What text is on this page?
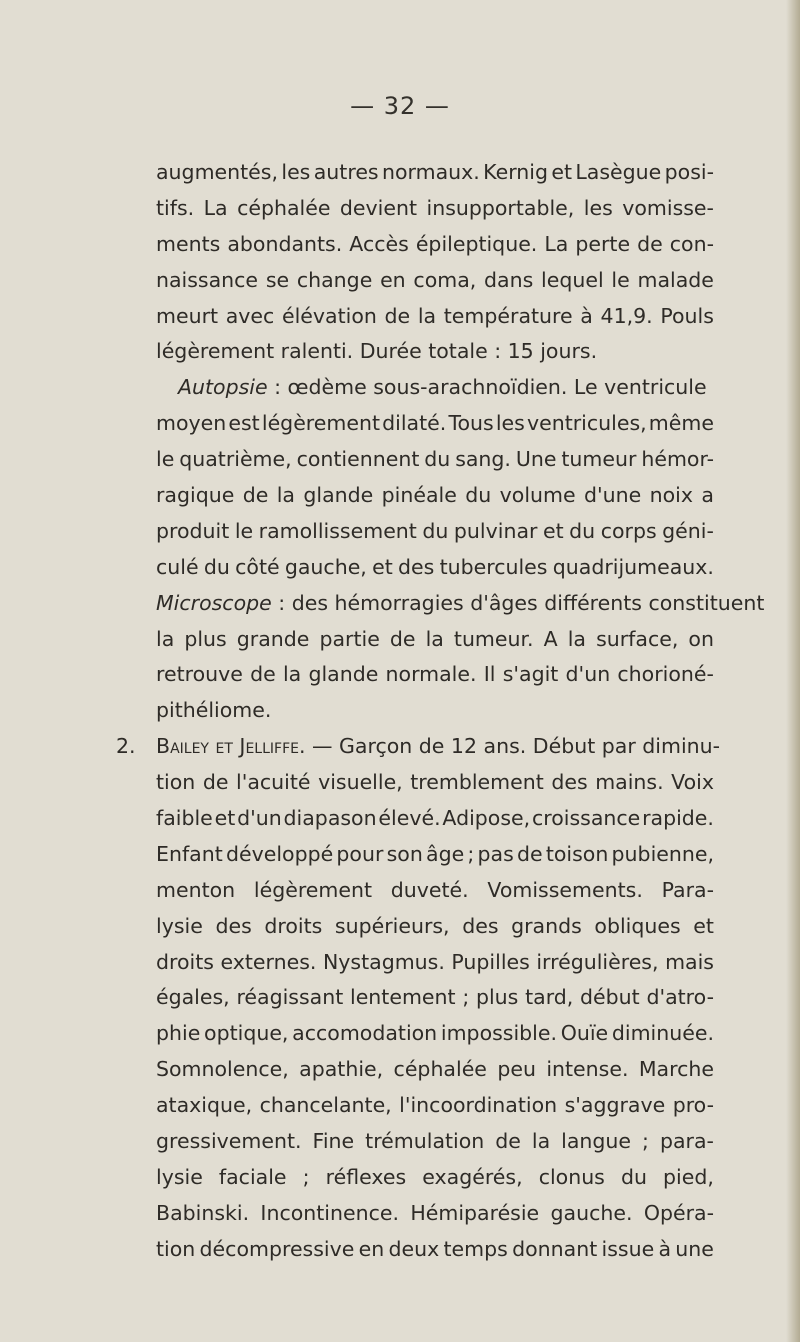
— 32 —
augmentés, les autres normaux. Kernig et Lasègue posi-
tifs. La céphalée devient insupportable, les vomisse-
ments abondants. Accès épileptique. La perte de con-
naissance se change en coma, dans lequel le malade
meurt avec élévation de la température à 41,9. Pouls
légèrement ralenti. Durée totale : 15 jours.
Autopsie : œdème sous-arachnoïdien. Le ventricule
moyen est légèrement dilaté. Tous les ventricules, même
le quatrième, contiennent du sang. Une tumeur hémor-
ragique de la glande pinéale du volume d'une noix a
produit le ramollissement du pulvinar et du corps géni-
culé du côté gauche, et des tubercules quadrijumeaux.
Microscope : des hémorragies d'âges différents constituent
la plus grande partie de la tumeur. A la surface, on
retrouve de la glande normale. Il s'agit d'un chorioné-
pithéliome.
2. Bailey et Jelliffe. — Garçon de 12 ans. Début par diminu-
tion de l'acuité visuelle, tremblement des mains. Voix
faible et d'un diapason élevé. Adipose, croissance rapide.
Enfant développé pour son âge ; pas de toison pubienne,
menton légèrement duveté. Vomissements. Para-
lysie des droits supérieurs, des grands obliques et
droits externes. Nystagmus. Pupilles irrégulières, mais
égales, réagissant lentement ; plus tard, début d'atro-
phie optique, accomodation impossible. Ouïe diminuée.
Somnolence, apathie, céphalée peu intense. Marche
ataxique, chancelante, l'incoordination s'aggrave pro-
gressivement. Fine trémulation de la langue ; para-
lysie faciale ; réflexes exagérés, clonus du pied,
Babinski. Incontinence. Hémiparésie gauche. Opéra-
tion décompressive en deux temps donnant issue à une
